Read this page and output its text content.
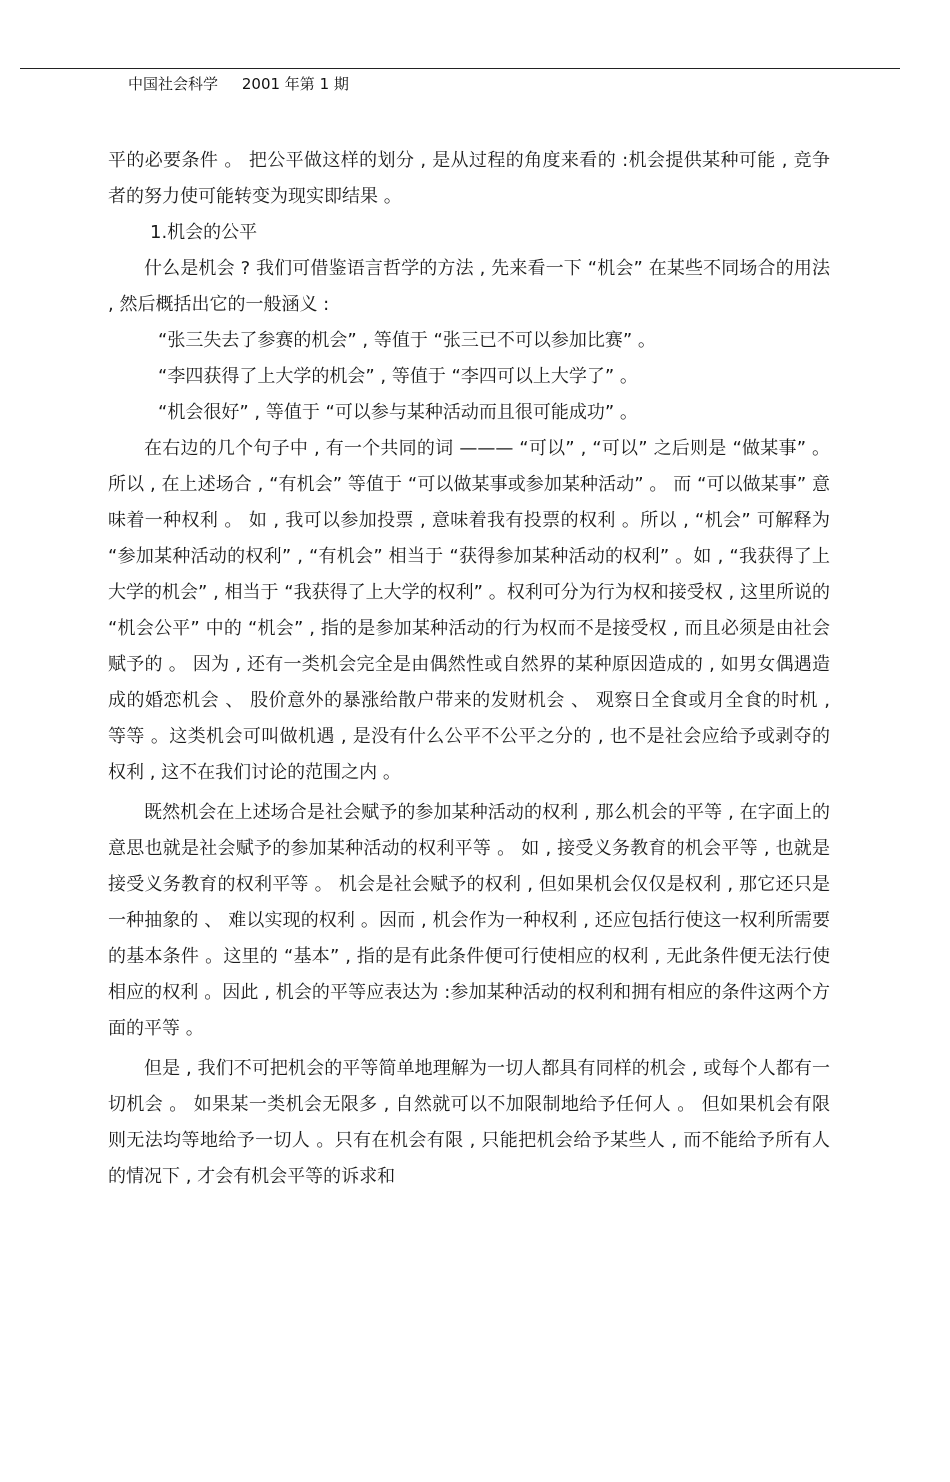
中国社会科学 2001 年第 1 期

平的必要条件 。 把公平做这样的划分 , 是从过程的角度来看的 :机会提供某种可能 , 竞争者的努力使可能转变为现实即结果 。

1.机会的公平

什么是机会 ? 我们可借鉴语言哲学的方法 , 先来看一下 “机会” 在某些不同场合的用法 , 然后概括出它的一般涵义 :

“张三失去了参赛的机会” , 等值于 “张三已不可以参加比赛” 。

“李四获得了上大学的机会” , 等值于 “李四可以上大学了” 。

“机会很好” , 等值于 “可以参与某种活动而且很可能成功” 。

在右边的几个句子中 , 有一个共同的词 ——— “可以” , “可以” 之后则是 “做某事” 。 所以 , 在上述场合 , “有机会” 等值于 “可以做某事或参加某种活动” 。 而 “可以做某事” 意味着一种权利 。 如 , 我可以参加投票 , 意味着我有投票的权利 。所以 , “机会” 可解释为 “参加某种活动的权利” , “有机会” 相当于 “获得参加某种活动的权利” 。如 , “我获得了上大学的机会” , 相当于 “我获得了上大学的权利” 。权利可分为行为权和接受权 , 这里所说的 “机会公平” 中的 “机会” , 指的是参加某种活动的行为权而不是接受权 , 而且必须是由社会赋予的 。 因为 , 还有一类机会完全是由偶然性或自然界的某种原因造成的 , 如男女偶遇造成的婚恋机会 、 股价意外的暴涨给散户带来的发财机会 、 观察日全食或月全食的时机 , 等等 。这类机会可叫做机遇 , 是没有什么公平不公平之分的 , 也不是社会应给予或剥夺的权利 , 这不在我们讨论的范围之内 。

既然机会在上述场合是社会赋予的参加某种活动的权利 , 那么机会的平等 , 在字面上的意思也就是社会赋予的参加某种活动的权利平等 。 如 , 接受义务教育的机会平等 , 也就是接受义务教育的权利平等 。 机会是社会赋予的权利 , 但如果机会仅仅是权利 , 那它还只是一种抽象的 、 难以实现的权利 。因而 , 机会作为一种权利 , 还应包括行使这一权利所需要的基本条件 。这里的 “基本” , 指的是有此条件便可行使相应的权利 , 无此条件便无法行使相应的权利 。因此 , 机会的平等应表达为 :参加某种活动的权利和拥有相应的条件这两个方面的平等 。

但是 , 我们不可把机会的平等简单地理解为一切人都具有同样的机会 , 或每个人都有一切机会 。 如果某一类机会无限多 , 自然就可以不加限制地给予任何人 。 但如果机会有限则无法均等地给予一切人 。只有在机会有限 , 只能把机会给予某些人 , 而不能给予所有人的情况下 , 才会有机会平等的诉求和
